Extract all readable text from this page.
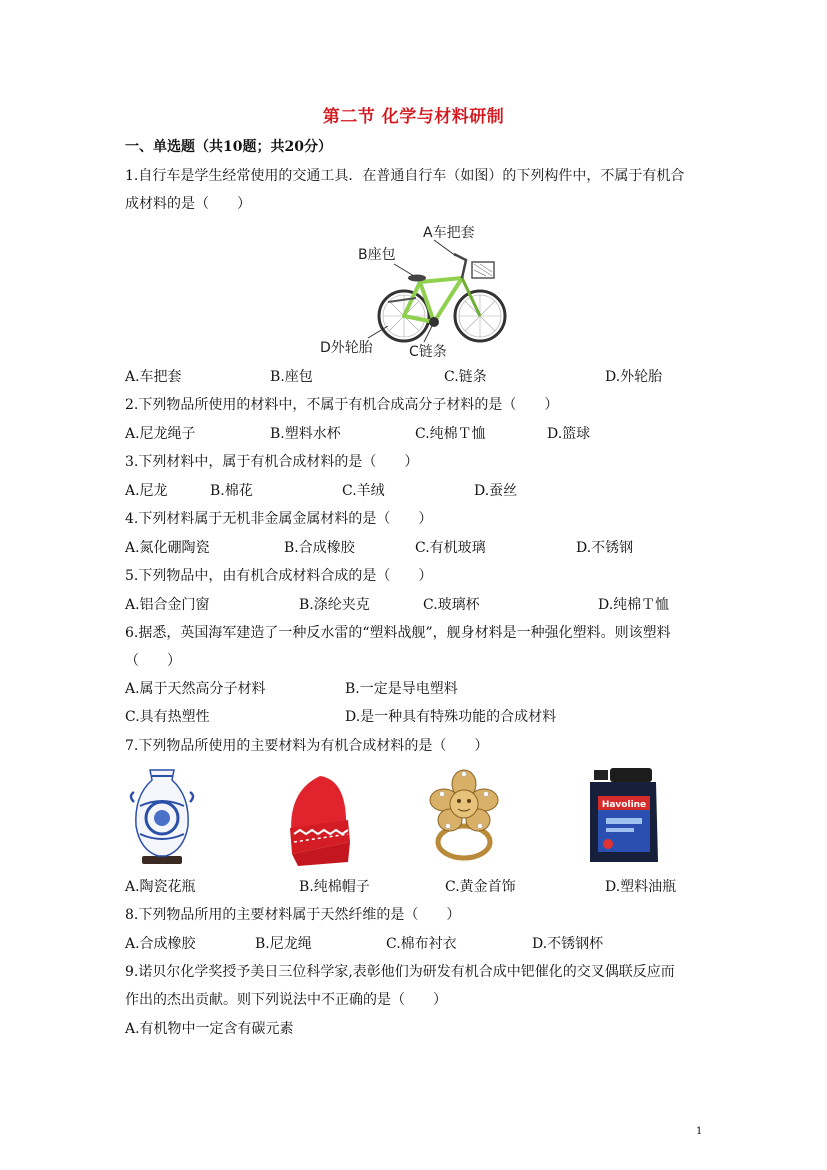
第二节 化学与材料研制
一、单选题（共10题；共20分）
1.自行车是学生经常使用的交通工具．在普通自行车（如图）的下列构件中，不属于有机合
成材料的是（　　）
A车把套
B座包
C链条
D外轮胎
A.车把套	B.座包	C.链条	D.外轮胎
2.下列物品所使用的材料中，不属于有机合成高分子材料的是（　　）
A.尼龙绳子	B.塑料水杯	C.纯棉Ｔ恤	D.篮球
3.下列材料中，属于有机合成材料的是（　　）
A.尼龙	B.棉花	C.羊绒	D.蚕丝
4.下列材料属于无机非金属金属材料的是（　　）
A.氮化硼陶瓷	B.合成橡胶	C.有机玻璃	D.不锈钢
5.下列物品中，由有机合成材料合成的是（　　）
A.铝合金门窗	B.涤纶夹克	C.玻璃杯	D.纯棉Ｔ恤
6.据悉，英国海军建造了一种反水雷的“塑料战舰”，舰身材料是一种强化塑料。则该塑料
（　　）
A.属于天然高分子材料	B.一定是导电塑料
C.具有热塑性	D.是一种具有特殊功能的合成材料
7.下列物品所使用的主要材料为有机合成材料的是（　　）
Havoline
A.陶瓷花瓶	B.纯棉帽子	C.黄金首饰	D.塑料油瓶
8.下列物品所用的主要材料属于天然纤维的是（　　）
A.合成橡胶	B.尼龙绳	C.棉布衬衣	D.不锈钢杯
9.诺贝尔化学奖授予美日三位科学家,表彰他们为研发有机合成中钯催化的交叉偶联反应而
作出的杰出贡献。则下列说法中不正确的是（　　）
A.有机物中一定含有碳元素
1
